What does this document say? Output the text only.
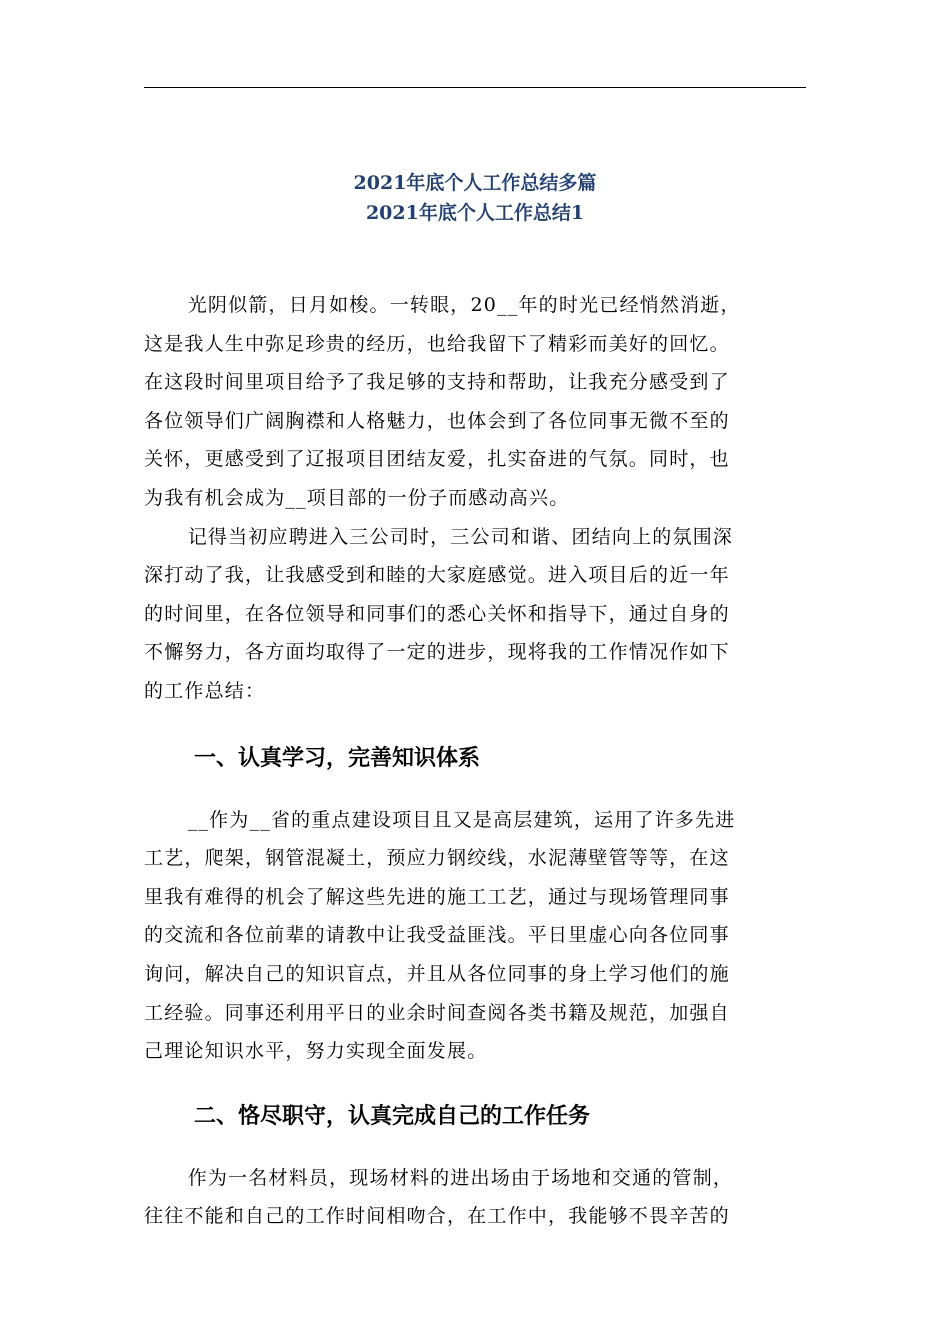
2021年底个人工作总结多篇
2021年底个人工作总结1

光阴似箭，日月如梭。一转眼，20__年的时光已经悄然消逝，
这是我人生中弥足珍贵的经历，也给我留下了精彩而美好的回忆。
在这段时间里项目给予了我足够的支持和帮助，让我充分感受到了
各位领导们广阔胸襟和人格魅力，也体会到了各位同事无微不至的
关怀，更感受到了辽报项目团结友爱，扎实奋进的气氛。同时，也
为我有机会成为__项目部的一份子而感动高兴。

记得当初应聘进入三公司时，三公司和谐、团结向上的氛围深
深打动了我，让我感受到和睦的大家庭感觉。进入项目后的近一年
的时间里，在各位领导和同事们的悉心关怀和指导下，通过自身的
不懈努力，各方面均取得了一定的进步，现将我的工作情况作如下
的工作总结：

一、认真学习，完善知识体系

__作为__省的重点建设项目且又是高层建筑，运用了许多先进
工艺，爬架，钢管混凝土，预应力钢绞线，水泥薄壁管等等，在这
里我有难得的机会了解这些先进的施工工艺，通过与现场管理同事
的交流和各位前辈的请教中让我受益匪浅。平日里虚心向各位同事
询问，解决自己的知识盲点，并且从各位同事的身上学习他们的施
工经验。同事还利用平日的业余时间查阅各类书籍及规范，加强自
己理论知识水平，努力实现全面发展。

二、恪尽职守，认真完成自己的工作任务

作为一名材料员，现场材料的进出场由于场地和交通的管制，
往往不能和自己的工作时间相吻合，在工作中，我能够不畏辛苦的
